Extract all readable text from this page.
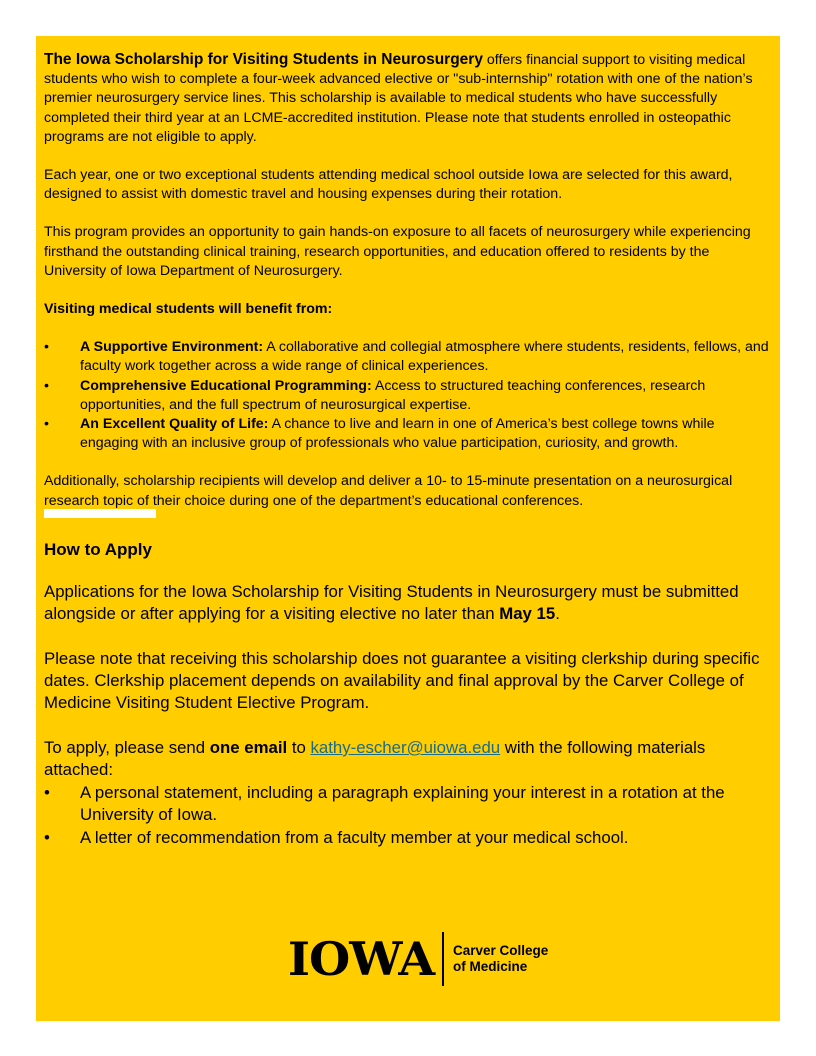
The Iowa Scholarship for Visiting Students in Neurosurgery offers financial support to visiting medical students who wish to complete a four-week advanced elective or "sub-internship" rotation with one of the nation’s premier neurosurgery service lines. This scholarship is available to medical students who have successfully completed their third year at an LCME-accredited institution. Please note that students enrolled in osteopathic programs are not eligible to apply.

Each year, one or two exceptional students attending medical school outside Iowa are selected for this award, designed to assist with domestic travel and housing expenses during their rotation.

This program provides an opportunity to gain hands-on exposure to all facets of neurosurgery while experiencing firsthand the outstanding clinical training, research opportunities, and education offered to residents by the University of Iowa Department of Neurosurgery.

Visiting medical students will benefit from:

• A Supportive Environment: A collaborative and collegial atmosphere where students, residents, fellows, and faculty work together across a wide range of clinical experiences.
• Comprehensive Educational Programming: Access to structured teaching conferences, research opportunities, and the full spectrum of neurosurgical expertise.
• An Excellent Quality of Life: A chance to live and learn in one of America’s best college towns while engaging with an inclusive group of professionals who value participation, curiosity, and growth.

Additionally, scholarship recipients will develop and deliver a 10- to 15-minute presentation on a neurosurgical research topic of their choice during one of the department’s educational conferences.

How to Apply

Applications for the Iowa Scholarship for Visiting Students in Neurosurgery must be submitted alongside or after applying for a visiting elective no later than May 15.

Please note that receiving this scholarship does not guarantee a visiting clerkship during specific dates. Clerkship placement depends on availability and final approval by the Carver College of Medicine Visiting Student Elective Program.

To apply, please send one email to kathy-escher@uiowa.edu with the following materials attached:

• A personal statement, including a paragraph explaining your interest in a rotation at the University of Iowa.
• A letter of recommendation from a faculty member at your medical school.
IOWA Carver College
of Medicine
